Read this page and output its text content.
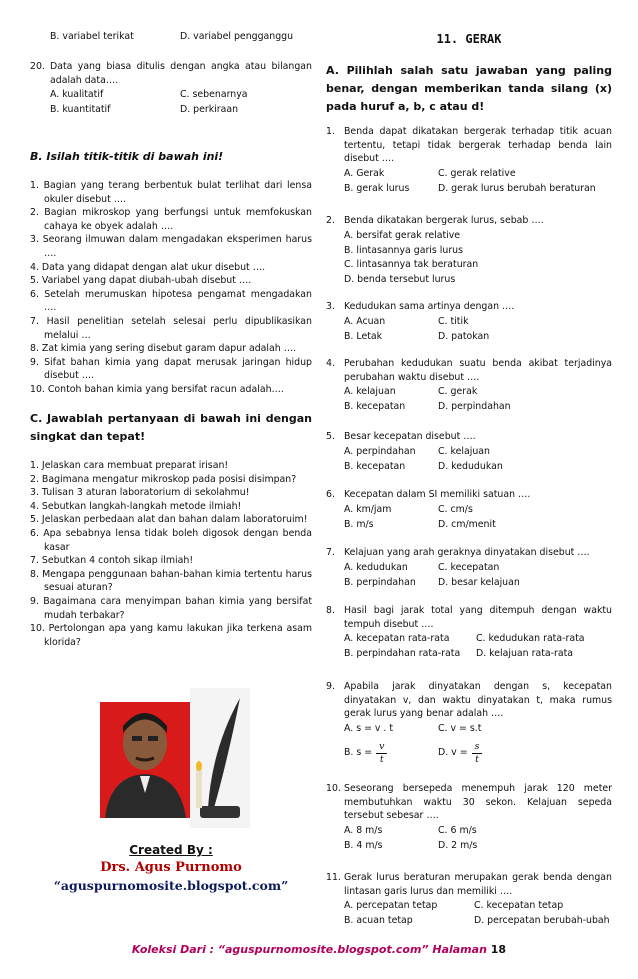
B. variabel terikat	D. variabel pengganggu
20. Data yang biasa ditulis dengan angka atau bilangan adalah data….
A. kualitatif	C. sebenarnya
B. kuantitatif	D. perkiraan
B. Isilah titik-titik di bawah ini!
1. Bagian yang terang berbentuk bulat terlihat dari lensa okuler disebut ….
2. Bagian mikroskop yang berfungsi untuk memfokuskan cahaya ke obyek adalah ….
3. Seorang ilmuwan dalam mengadakan eksperimen harus ….
4. Data yang didapat dengan alat ukur disebut ….
5. Variabel yang dapat diubah-ubah disebut ….
6. Setelah merumuskan hipotesa pengamat mengadakan ….
7. Hasil penelitian setelah selesai perlu dipublikasikan melalui …
8. Zat kimia yang sering disebut garam dapur adalah ….
9. Sifat bahan kimia yang dapat merusak jaringan hidup disebut ….
10. Contoh bahan kimia yang bersifat racun adalah….
C. Jawablah pertanyaan di bawah ini dengan singkat dan tepat!
1. Jelaskan cara membuat preparat irisan!
2. Bagimana mengatur mikroskop pada posisi disimpan?
3. Tulisan 3 aturan laboratorium di sekolahmu!
4. Sebutkan langkah-langkah metode ilmiah!
5. Jelaskan perbedaan alat dan bahan dalam laboratoruim!
6. Apa sebabnya lensa tidak boleh digosok dengan benda kasar
7. Sebutkan 4 contoh sikap ilmiah!
8. Mengapa penggunaan bahan-bahan kimia tertentu harus sesuai aturan?
9. Bagaimana cara menyimpan bahan kimia yang bersifat mudah terbakar?
10. Pertolongan apa yang kamu lakukan jika terkena asam klorida?
Created By :
Drs. Agus Purnomo
“aguspurnomosite.blogspot.com”
11. GERAK
A. Pilihlah salah satu jawaban yang paling benar, dengan memberikan tanda silang (x) pada huruf a, b, c atau d!
1. Benda dapat dikatakan bergerak terhadap titik acuan tertentu, tetapi tidak bergerak terhadap benda lain disebut ….
A. Gerak	C. gerak relative
B. gerak lurus	D. gerak lurus berubah beraturan
2. Benda dikatakan bergerak lurus, sebab ….
A. bersifat gerak relative
B. lintasannya garis lurus
C. lintasannya tak beraturan
D. benda tersebut lurus
3. Kedudukan sama artinya dengan ….
A. Acuan	C. titik
B. Letak	D. patokan
4. Perubahan kedudukan suatu benda akibat terjadinya perubahan waktu disebut ….
A. kelajuan	C. gerak
B. kecepatan	D. perpindahan
5. Besar kecepatan disebut ….
A. perpindahan C. kelajuan
B. kecepatan	D. kedudukan
6. Kecepatan dalam SI memiliki satuan ….
A. km/jam	C. cm/s
B. m/s	D. cm/menit
7. Kelajuan yang arah geraknya dinyatakan disebut ….
A. kedudukan	C. kecepatan
B. perpindahan D. besar kelajuan
8. Hasil bagi jarak total yang ditempuh dengan waktu tempuh disebut ….
A. kecepatan rata-rata	C. kedudukan rata-rata
B. perpindahan rata-rata D. kelajuan rata-rata
9. Apabila jarak dinyatakan dengan s, kecepatan dinyatakan v, dan waktu dinyatakan t, maka rumus gerak lurus yang benar adalah ….
A. s = v . t	C. v = s.t
B. $s = \frac{v}{t}$	D. $v = \frac{s}{t}$
10. Seseorang bersepeda menempuh jarak 120 meter membutuhkan waktu 30 sekon. Kelajuan sepeda tersebut sebesar ….
A. 8 m/s	C. 6 m/s
B. 4 m/s	D. 2 m/s
11. Gerak lurus beraturan merupakan gerak benda dengan lintasan garis lurus dan memiliki ….
A. percepatan tetap	C. kecepatan tetap
B. acuan tetap	D. percepatan berubah-ubah
Koleksi Dari : “aguspurnomosite.blogspot.com” Halaman 18
